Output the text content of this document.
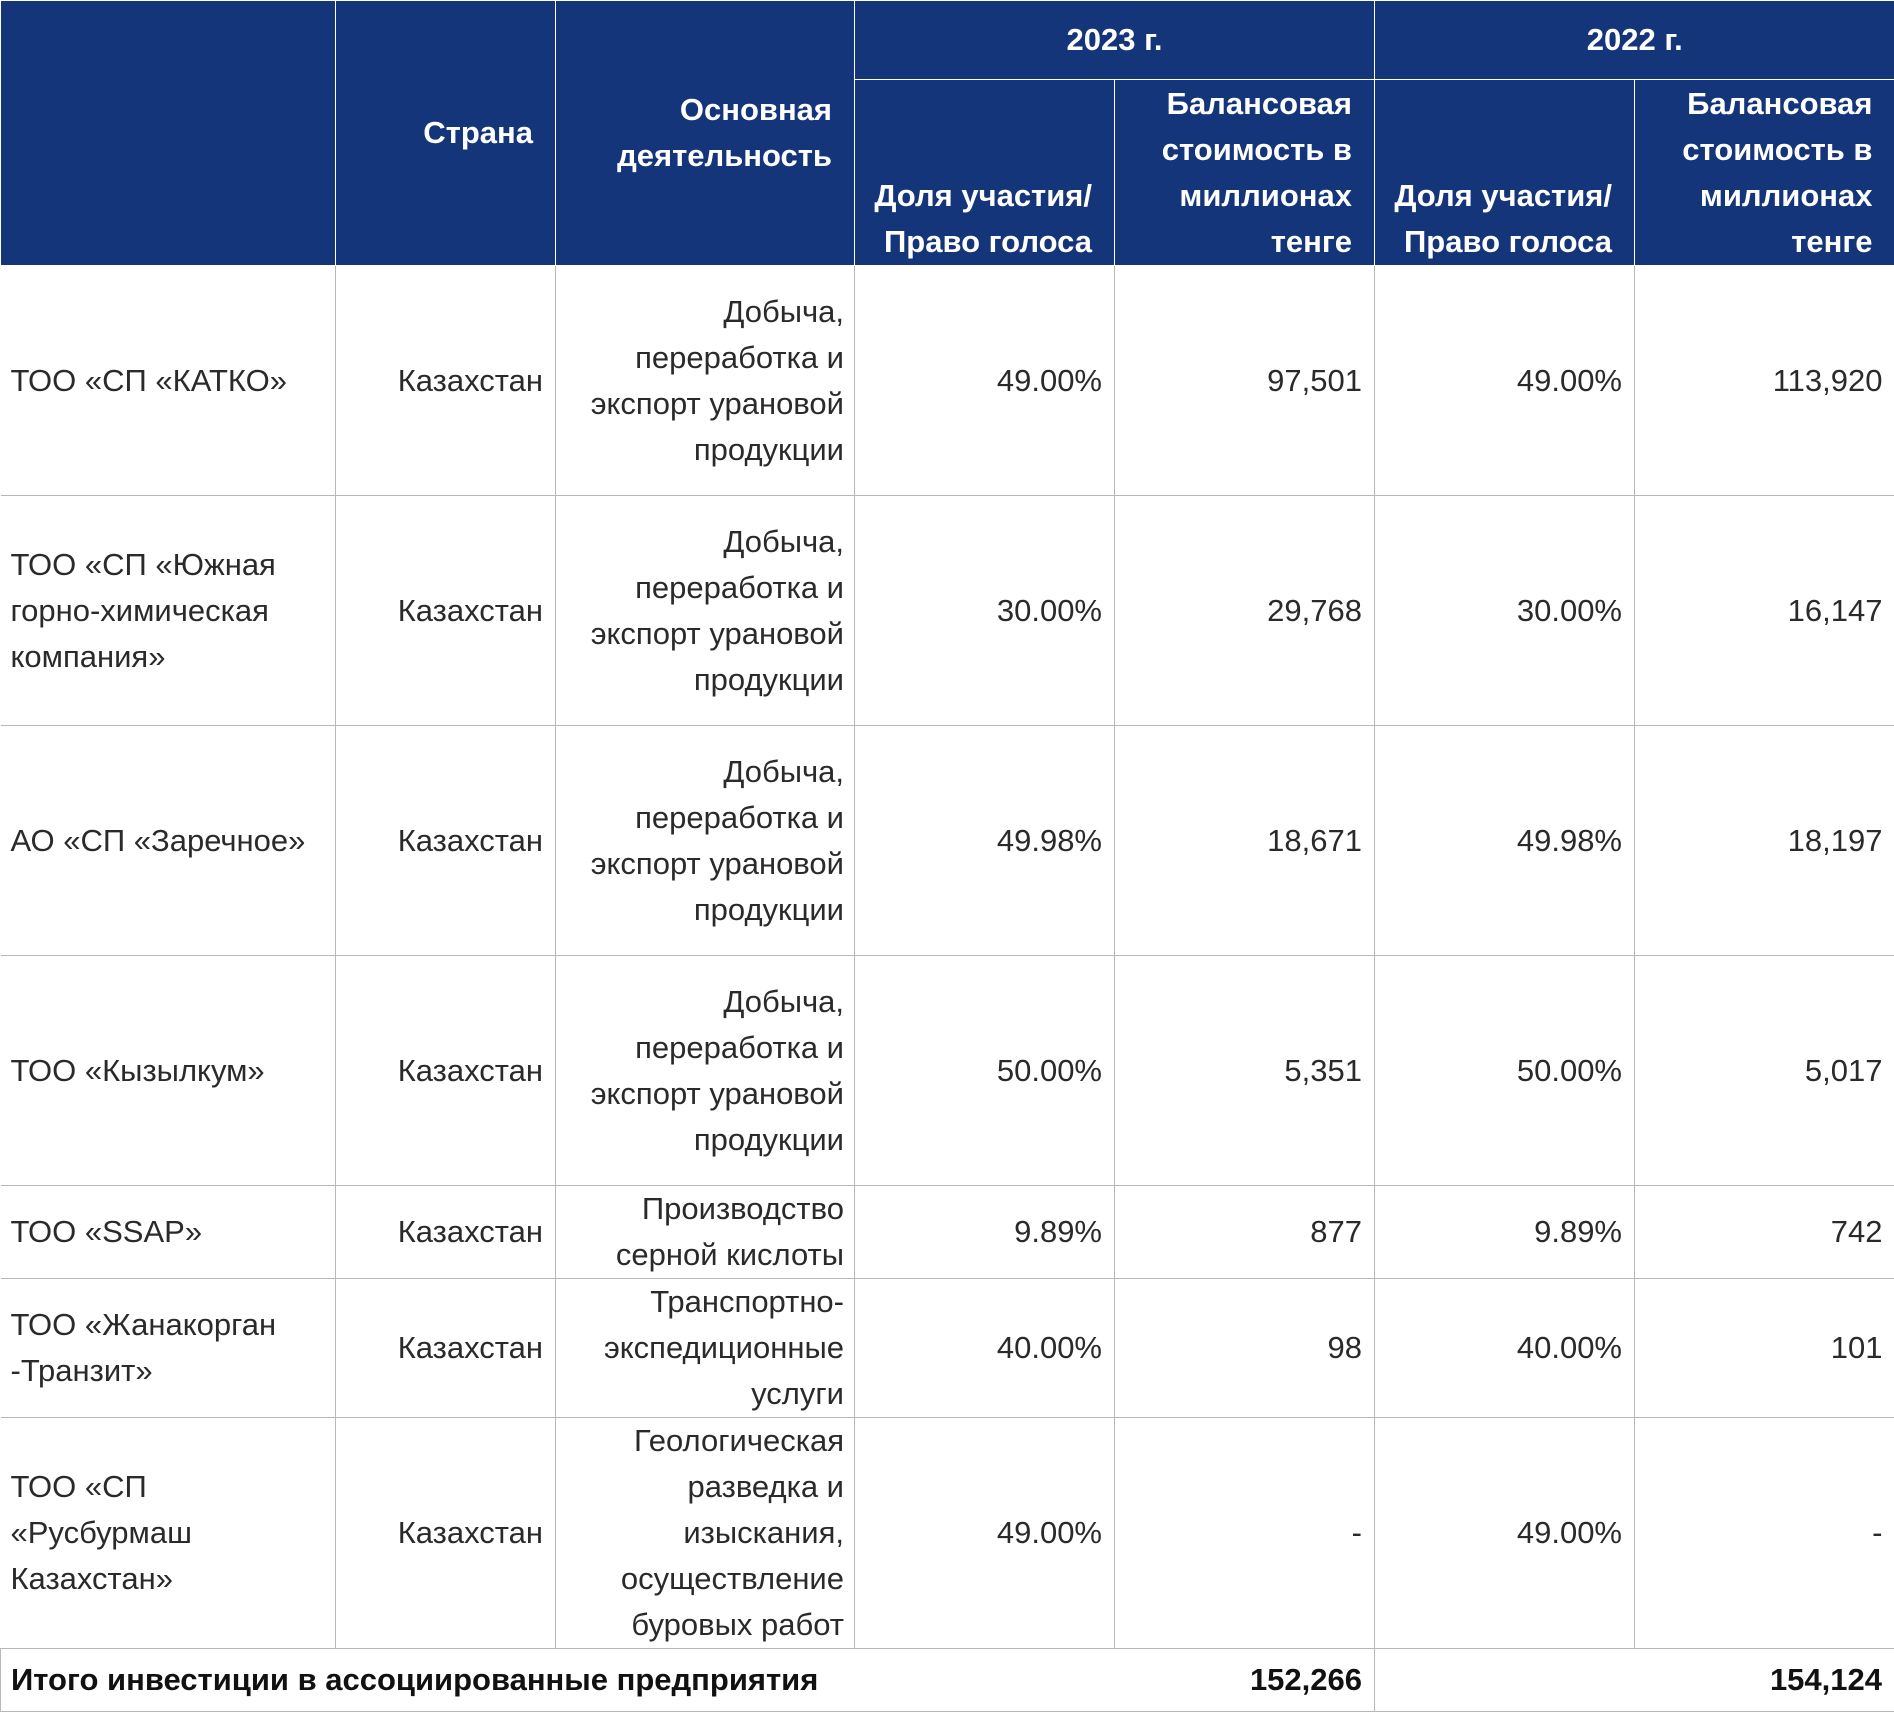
	Страна	Основная деятельность	2023 г.		2022 г.	
			Доля участия/ Право голоса	Балансовая стоимость в миллионах тенге	Доля участия/ Право голоса	Балансовая стоимость в миллионах тенге
ТОО «СП «КАТКО»	Казахстан	Добыча, переработка и экспорт урановой продукции	49.00%	97,501	49.00%	113,920
ТОО «СП «Южная горно-химическая компания»	Казахстан	Добыча, переработка и экспорт урановой продукции	30.00%	29,768	30.00%	16,147
АО «СП «Заречное»	Казахстан	Добыча, переработка и экспорт урановой продукции	49.98%	18,671	49.98%	18,197
ТОО «Кызылкум»	Казахстан	Добыча, переработка и экспорт урановой продукции	50.00%	5,351	50.00%	5,017
ТОО «SSAP»	Казахстан	Производство серной кислоты	9.89%	877	9.89%	742
ТОО «Жанакорган -Транзит»	Казахстан	Транспортно-экспедиционные услуги	40.00%	98	40.00%	101
ТОО «СП «Русбурмаш Казахстан»	Казахстан	Геологическая разведка и изыскания, осуществление буровых работ	49.00%	-	49.00%	-
Итого инвестиции в ассоциированные предприятия				152,266		154,124
